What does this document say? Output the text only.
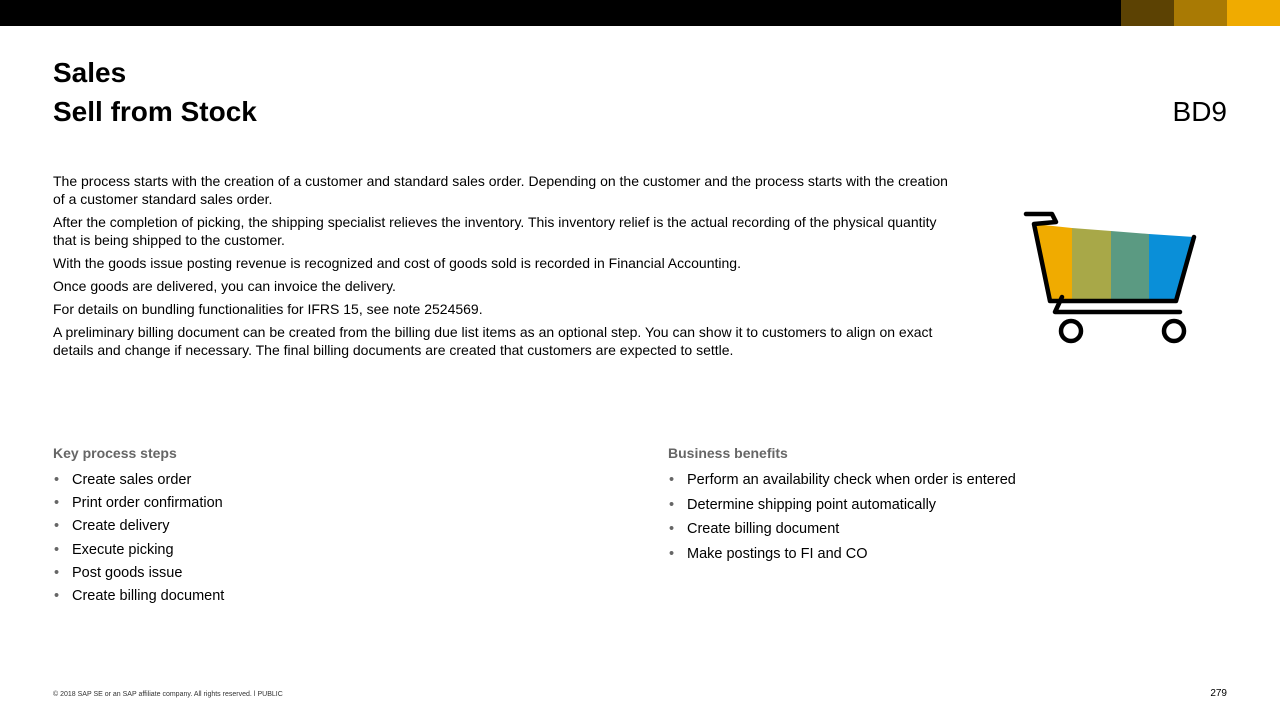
Sales
Sell from Stock	BD9

The process starts with the creation of a customer and standard sales order. Depending on the customer and the process starts with the creation of a customer standard sales order.

After the completion of picking, the shipping specialist relieves the inventory. This inventory relief is the actual recording of the physical quantity that is being shipped to the customer.

With the goods issue posting revenue is recognized and cost of goods sold is recorded in Financial Accounting.

Once goods are delivered, you can invoice the delivery.

For details on bundling functionalities for IFRS 15, see note 2524569.

A preliminary billing document can be created from the billing due list items as an optional step. You can show it to customers to align on exact details and change if necessary. The final billing documents are created that customers are expected to settle.

Key process steps
• Create sales order
• Print order confirmation
• Create delivery
• Execute picking
• Post goods issue
• Create billing document
Business benefits
• Perform an availability check when order is entered
• Determine shipping point automatically
• Create billing document
• Make postings to FI and CO
© 2018 SAP SE or an SAP affiliate company. All rights reserved. ǀ PUBLIC	279
